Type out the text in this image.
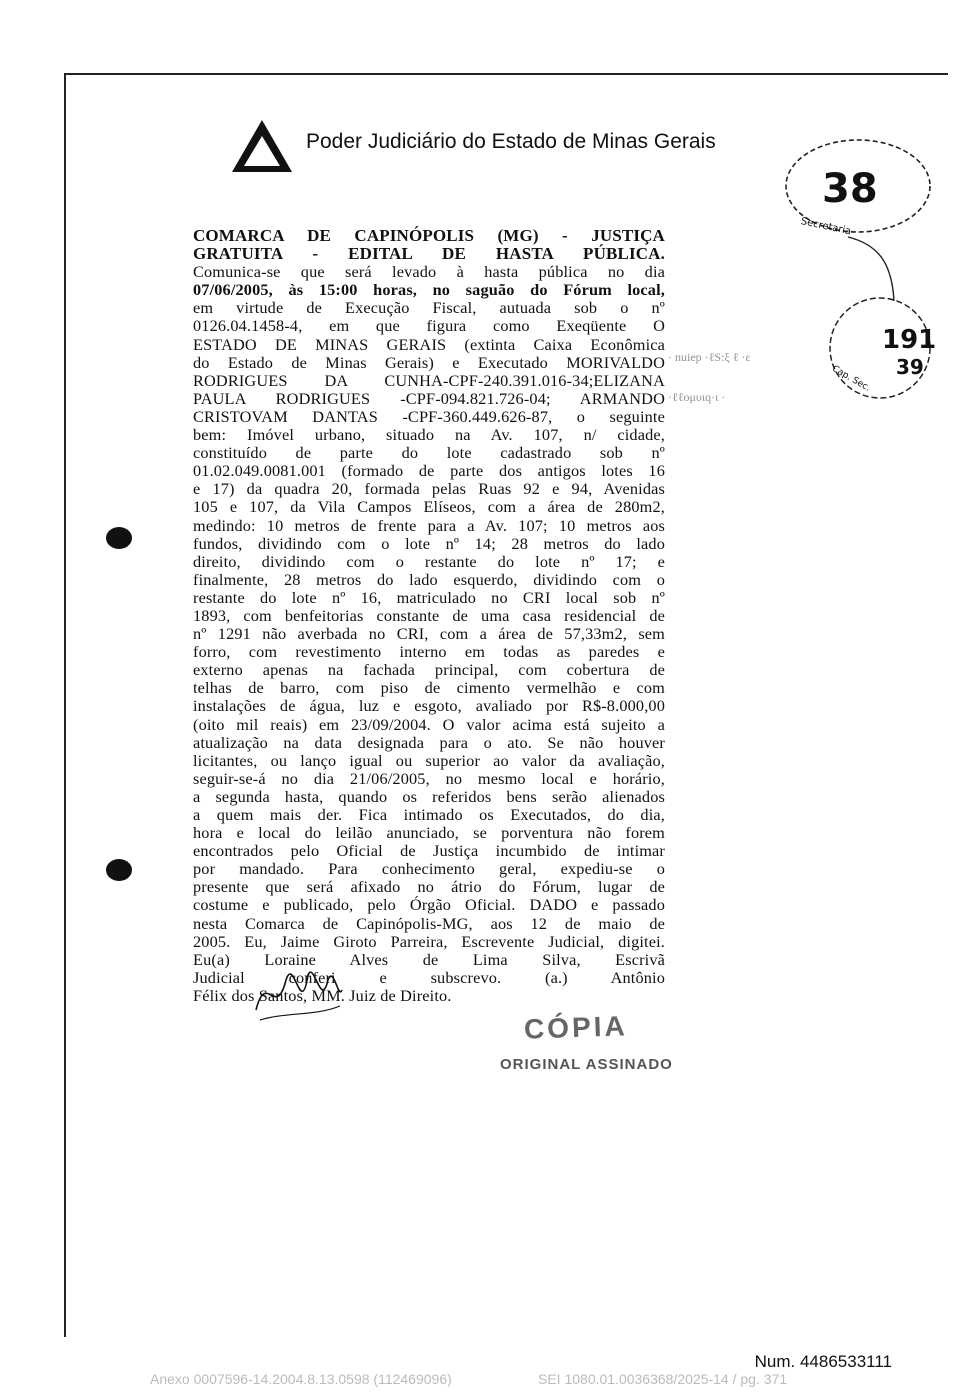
Poder Judiciário do Estado de Minas Gerais
38
Secretaria
191
39
Cap. Sec.
· nuiep ·ℓS:ξ ℓ ·ε
·ℓℓoμυιq·ι ·
COMARCA DE CAPINÓPOLIS (MG) - JUSTIÇA
GRATUITA - EDITAL DE HASTA PÚBLICA.
Comunica-se que será levado à hasta pública no dia
07/06/2005, às 15:00 horas, no saguão do Fórum local,
em virtude de Execução Fiscal, autuada sob o nº
0126.04.1458-4, em que figura como Exeqüente O
ESTADO DE MINAS GERAIS (extinta Caixa Econômica
do Estado de Minas Gerais) e Executado MORIVALDO
RODRIGUES DA CUNHA-CPF-240.391.016-34;ELIZANA
PAULA RODRIGUES -CPF-094.821.726-04; ARMANDO
CRISTOVAM DANTAS -CPF-360.449.626-87, o seguinte
bem: Imóvel urbano, situado na Av. 107, n/ cidade,
constituído de parte do lote cadastrado sob nº
01.02.049.0081.001 (formado de parte dos antigos lotes 16
e 17) da quadra 20, formada pelas Ruas 92 e 94, Avenidas
105 e 107, da Vila Campos Elíseos, com a área de 280m2,
medindo: 10 metros de frente para a Av. 107; 10 metros aos
fundos, dividindo com o lote nº 14; 28 metros do lado
direito, dividindo com o restante do lote nº 17; e
finalmente, 28 metros do lado esquerdo, dividindo com o
restante do lote nº 16, matriculado no CRI local sob nº
1893, com benfeitorias constante de uma casa residencial de
nº 1291 não averbada no CRI, com a área de 57,33m2, sem
forro, com revestimento interno em todas as paredes e
externo apenas na fachada principal, com cobertura de
telhas de barro, com piso de cimento vermelhão e com
instalações de água, luz e esgoto, avaliado por R$-8.000,00
(oito mil reais) em 23/09/2004. O valor acima está sujeito a
atualização na data designada para o ato. Se não houver
licitantes, ou lanço igual ou superior ao valor da avaliação,
seguir-se-á no dia 21/06/2005, no mesmo local e horário,
a segunda hasta, quando os referidos bens serão alienados
a quem mais der. Fica intimado os Executados, do dia,
hora e local do leilão anunciado, se porventura não forem
encontrados pelo Oficial de Justiça incumbido de intimar
por mandado. Para conhecimento geral, expediu-se o
presente que será afixado no átrio do Fórum, lugar de
costume e publicado, pelo Órgão Oficial. DADO e passado
nesta Comarca de Capinópolis-MG, aos 12 de maio de
2005. Eu, Jaime Giroto Parreira, Escrevente Judicial, digitei.
Eu(a) Loraine Alves de Lima Silva, Escrivã
Judicial conferi e subscrevo. (a.) Antônio
Félix dos Santos, MM. Juiz de Direito.
CÓPIA
ORIGINAL ASSINADO
Num. 4486533111
Anexo 0007596-14.2004.8.13.0598 (112469096)	SEI 1080.01.0036368/2025-14 / pg. 371
